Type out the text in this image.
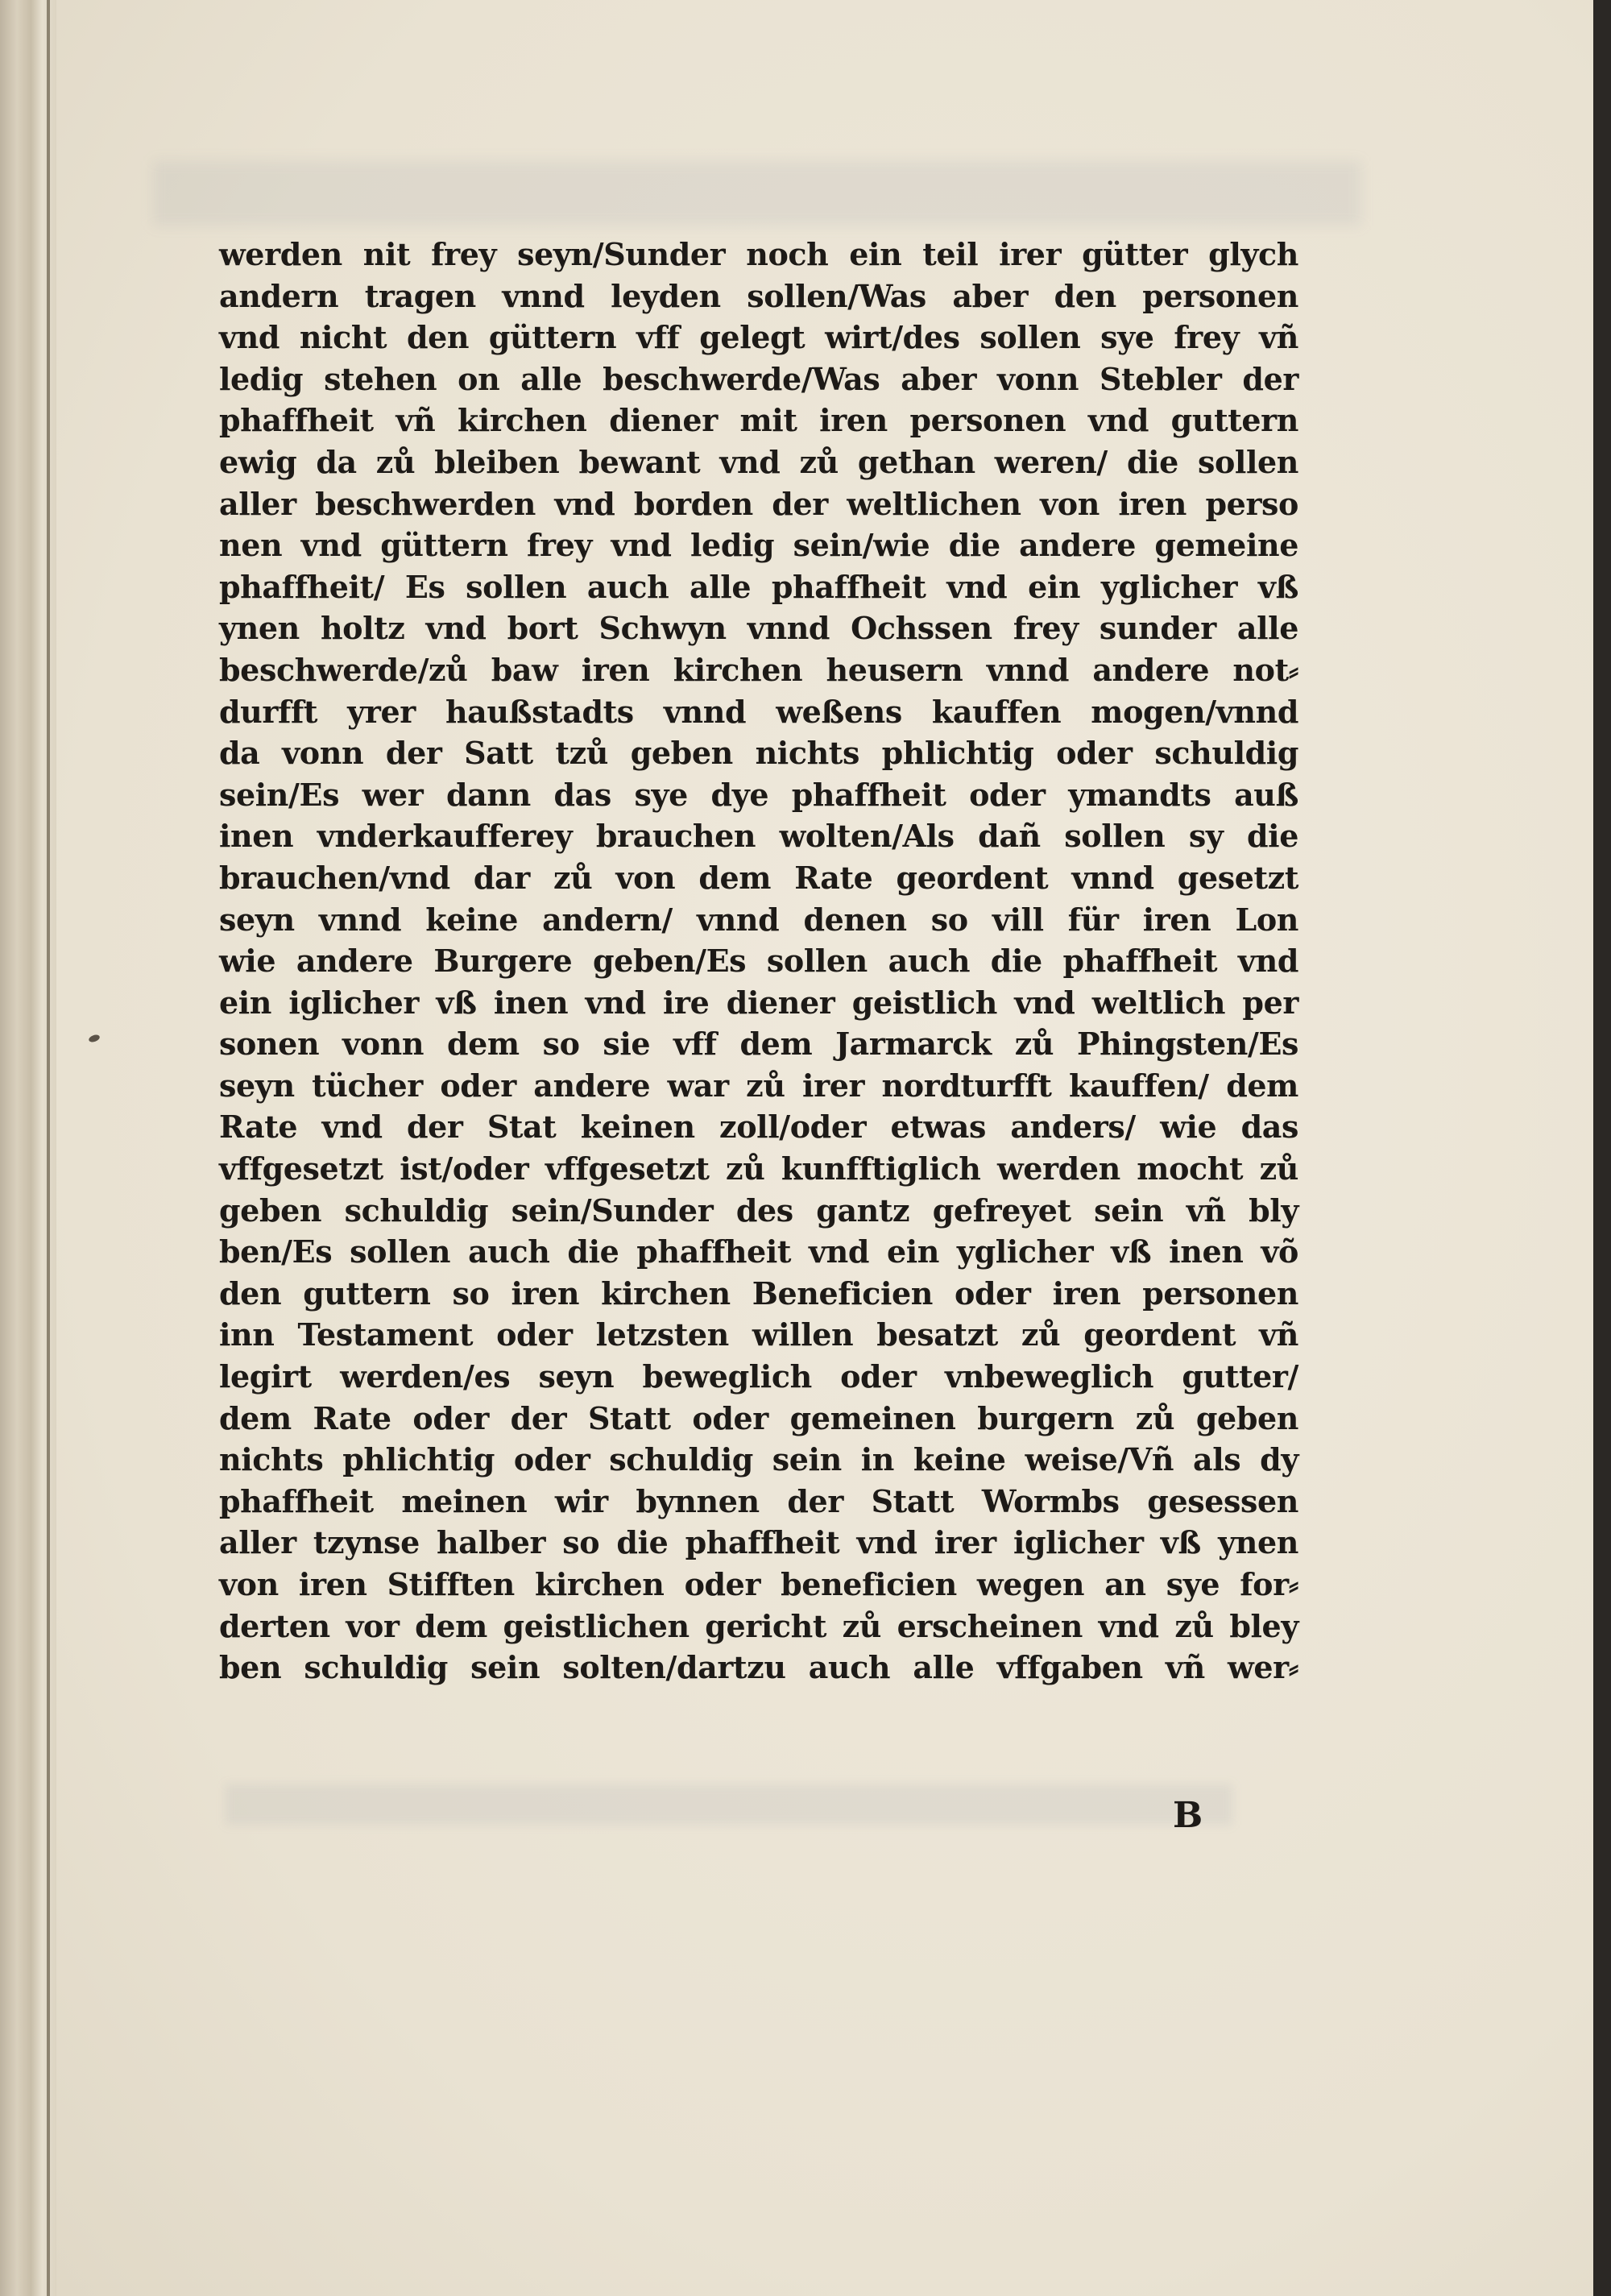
werden nit frey seyn/Sunder noch ein teil irer gütter glych
andern tragen vnnd leyden sollen/Was aber den personen
vnd nicht den güttern vff gelegt wirt/des sollen sye frey vñ
ledig stehen on alle beschwerde/Was aber vonn Stebler der
phaffheit vñ kirchen diener mit iren personen vnd guttern
ewig da zů bleiben bewant vnd zů gethan weren/ die sollen
aller beschwerden vnd borden der weltlichen von iren perso
nen vnd güttern frey vnd ledig sein/wie die andere gemeine
phaffheit/ Es sollen auch alle phaffheit vnd ein yglicher vß
ynen holtz vnd bort Schwyn vnnd Ochssen frey sunder alle
beschwerde/zů baw iren kirchen heusern vnnd andere not⸗
durfft yrer haußstadts vnnd weßens kauffen mogen/vnnd
da vonn der Satt tzů geben nichts phlichtig oder schuldig
sein/Es wer dann das sye dye phaffheit oder ymandts auß
inen vnderkaufferey brauchen wolten/Als dañ sollen sy die
brauchen/vnd dar zů von dem Rate geordent vnnd gesetzt
seyn vnnd keine andern/ vnnd denen so vill für iren Lon
wie andere Burgere geben/Es sollen auch die phaffheit vnd
ein iglicher vß inen vnd ire diener geistlich vnd weltlich per
sonen vonn dem so sie vff dem Jarmarck zů Phingsten/Es
seyn tücher oder andere war zů irer nordturfft kauffen/ dem
Rate vnd der Stat keinen zoll/oder etwas anders/ wie das
vffgesetzt ist/oder vffgesetzt zů kunfftiglich werden mocht zů
geben schuldig sein/Sunder des gantz gefreyet sein vñ bly
ben/Es sollen auch die phaffheit vnd ein yglicher vß inen võ
den guttern so iren kirchen Beneficien oder iren personen
inn Testament oder letzsten willen besatzt zů geordent vñ
legirt werden/es seyn beweglich oder vnbeweglich gutter/
dem Rate oder der Statt oder gemeinen burgern zů geben
nichts phlichtig oder schuldig sein in keine weise/Vñ als dy
phaffheit meinen wir bynnen der Statt Wormbs gesessen
aller tzynse halber so die phaffheit vnd irer iglicher vß ynen
von iren Stifften kirchen oder beneficien wegen an sye for⸗
derten vor dem geistlichen gericht zů erscheinen vnd zů bley
ben schuldig sein solten/dartzu auch alle vffgaben vñ wer⸗
B
